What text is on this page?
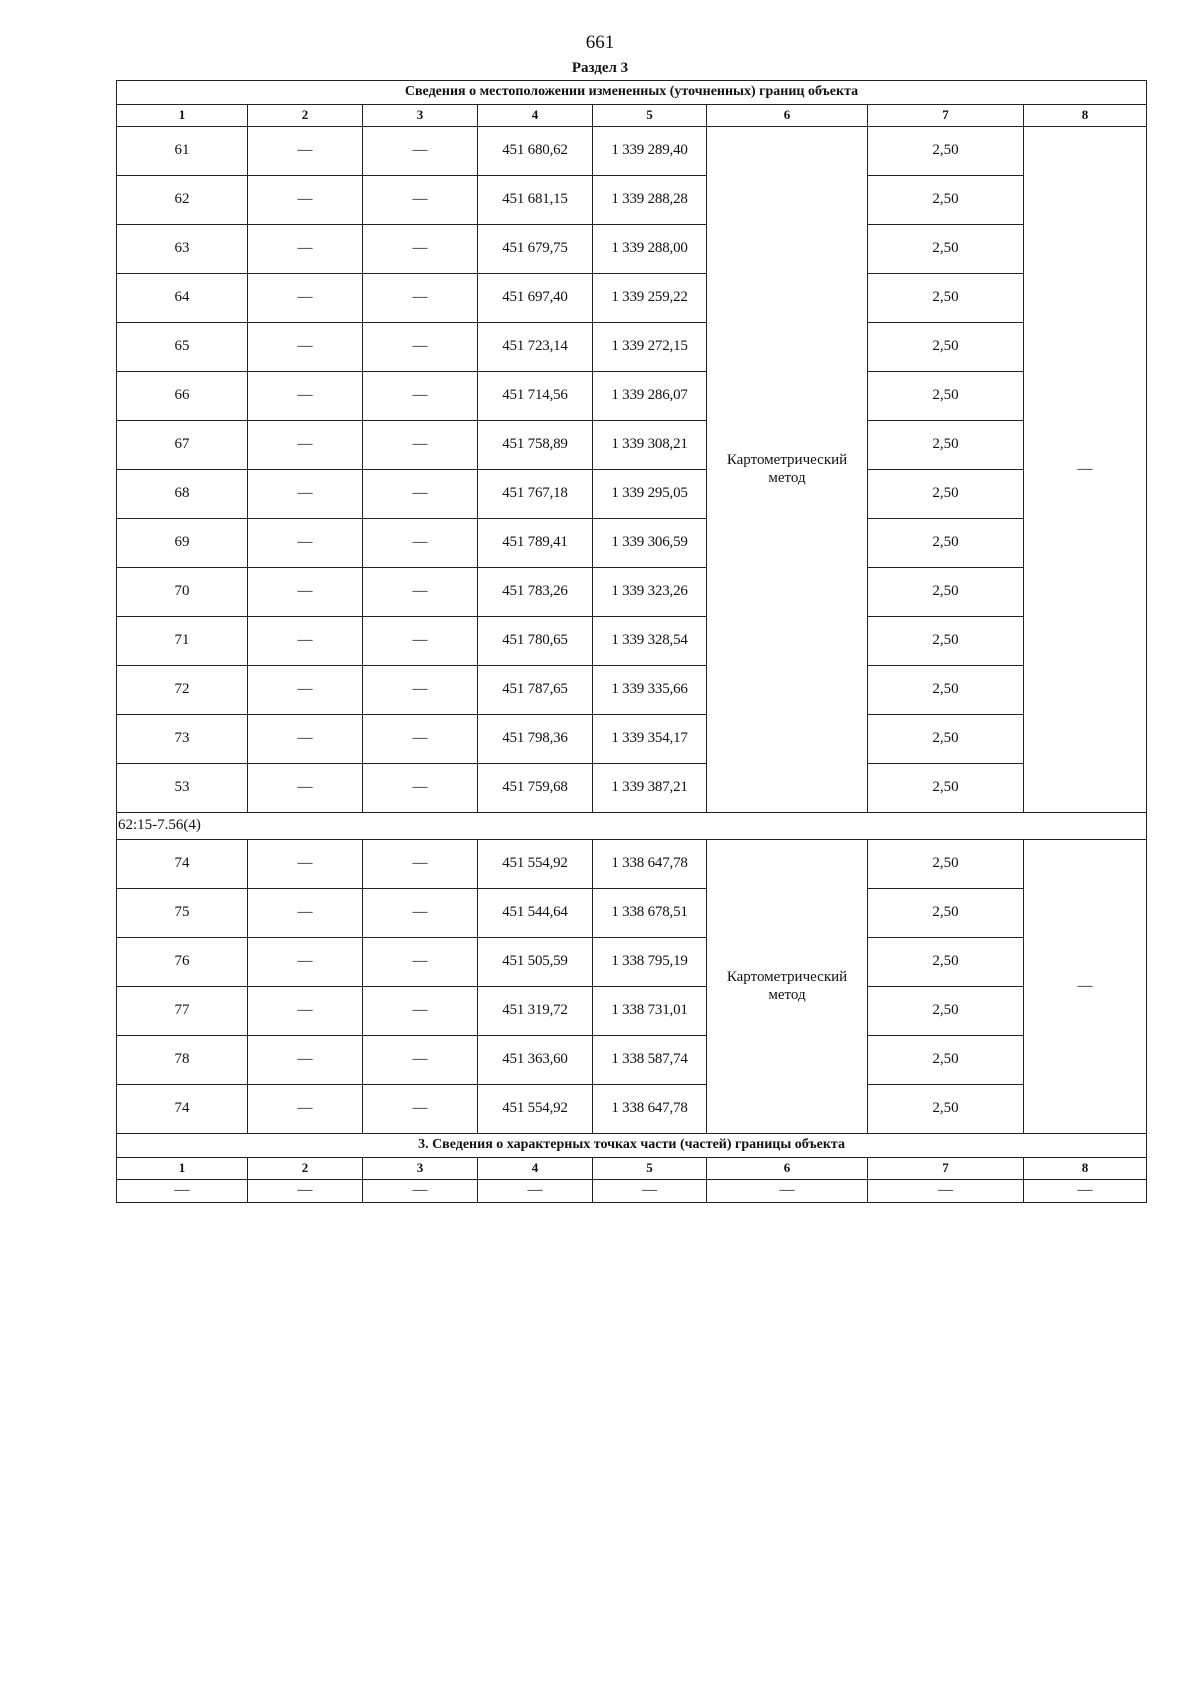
661
Раздел 3
Сведения о местоположении измененных (уточненных) границ объекта							
1	2	3	4	5	6	7	8
61	—	—	451 680,62	1 339 289,40	Картометрический метод	2,50	—
62	—	—	451 681,15	1 339 288,28		2,50	
63	—	—	451 679,75	1 339 288,00		2,50	
64	—	—	451 697,40	1 339 259,22		2,50	
65	—	—	451 723,14	1 339 272,15		2,50	
66	—	—	451 714,56	1 339 286,07		2,50	
67	—	—	451 758,89	1 339 308,21		2,50	
68	—	—	451 767,18	1 339 295,05		2,50	
69	—	—	451 789,41	1 339 306,59		2,50	
70	—	—	451 783,26	1 339 323,26		2,50	
71	—	—	451 780,65	1 339 328,54		2,50	
72	—	—	451 787,65	1 339 335,66		2,50	
73	—	—	451 798,36	1 339 354,17		2,50	
53	—	—	451 759,68	1 339 387,21		2,50	
62:15-7.56(4)							
74	—	—	451 554,92	1 338 647,78	Картометрический метод	2,50	—
75	—	—	451 544,64	1 338 678,51		2,50	
76	—	—	451 505,59	1 338 795,19		2,50	
77	—	—	451 319,72	1 338 731,01		2,50	
78	—	—	451 363,60	1 338 587,74		2,50	
74	—	—	451 554,92	1 338 647,78		2,50	
3. Сведения о характерных точках части (частей) границы объекта							
1	2	3	4	5	6	7	8
—	—	—	—	—	—	—	—
